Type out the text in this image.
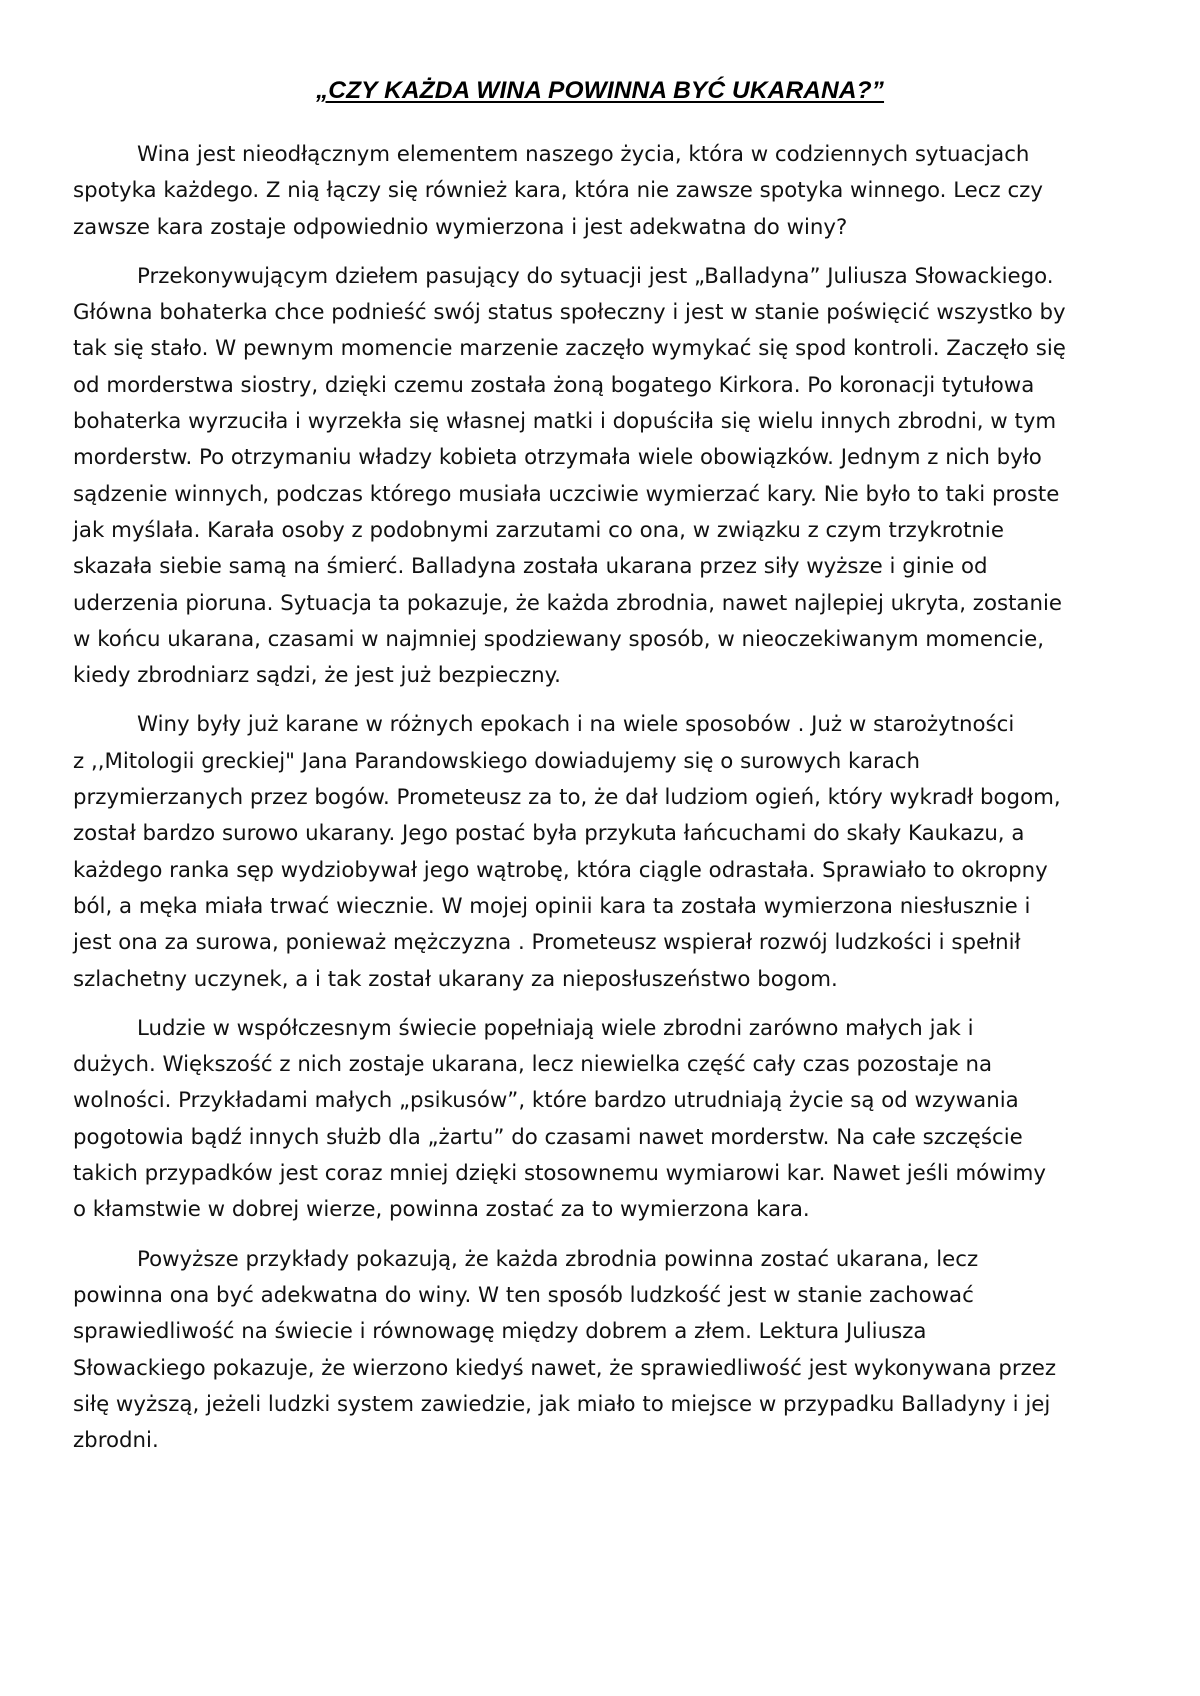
„CZY KAŻDA WINA POWINNA BYĆ UKARANA?”

Wina jest nieodłącznym elementem naszego życia, która w codziennych sytuacjach
spotyka każdego. Z nią łączy się również kara, która nie zawsze spotyka winnego. Lecz czy
zawsze kara zostaje odpowiednio wymierzona i jest adekwatna do winy?

Przekonywującym dziełem pasujący do sytuacji jest „Balladyna” Juliusza Słowackiego.
Główna bohaterka chce podnieść swój status społeczny i jest w stanie poświęcić wszystko by
tak się stało. W pewnym momencie marzenie zaczęło wymykać się spod kontroli. Zaczęło się
od morderstwa siostry, dzięki czemu została żoną bogatego Kirkora. Po koronacji tytułowa
bohaterka wyrzuciła i wyrzekła się własnej matki i dopuściła się wielu innych zbrodni, w tym
morderstw. Po otrzymaniu władzy kobieta otrzymała wiele obowiązków. Jednym z nich było
sądzenie winnych, podczas którego musiała uczciwie wymierzać kary. Nie było to taki proste
jak myślała. Karała osoby z podobnymi zarzutami co ona, w związku z czym trzykrotnie
skazała siebie samą na śmierć. Balladyna została ukarana przez siły wyższe i ginie od
uderzenia pioruna. Sytuacja ta pokazuje, że każda zbrodnia, nawet najlepiej ukryta, zostanie
w końcu ukarana, czasami w najmniej spodziewany sposób, w nieoczekiwanym momencie,
kiedy zbrodniarz sądzi, że jest już bezpieczny.

Winy były już karane w różnych epokach i na wiele sposobów . Już w starożytności
z ,,Mitologii greckiej" Jana Parandowskiego dowiadujemy się o surowych karach
przymierzanych przez bogów. Prometeusz za to, że dał ludziom ogień, który wykradł bogom,
został bardzo surowo ukarany. Jego postać była przykuta łańcuchami do skały Kaukazu, a
każdego ranka sęp wydziobywał jego wątrobę, która ciągle odrastała. Sprawiało to okropny
ból, a męka miała trwać wiecznie. W mojej opinii kara ta została wymierzona niesłusznie i
jest ona za surowa, ponieważ mężczyzna . Prometeusz wspierał rozwój ludzkości i spełnił
szlachetny uczynek, a i tak został ukarany za nieposłuszeństwo bogom.

Ludzie w współczesnym świecie popełniają wiele zbrodni zarówno małych jak i
dużych. Większość z nich zostaje ukarana, lecz niewielka część cały czas pozostaje na
wolności. Przykładami małych „psikusów”, które bardzo utrudniają życie są od wzywania
pogotowia bądź innych służb dla „żartu” do czasami nawet morderstw. Na całe szczęście
takich przypadków jest coraz mniej dzięki stosownemu wymiarowi kar. Nawet jeśli mówimy
o kłamstwie w dobrej wierze, powinna zostać za to wymierzona kara.

Powyższe przykłady pokazują, że każda zbrodnia powinna zostać ukarana, lecz
powinna ona być adekwatna do winy. W ten sposób ludzkość jest w stanie zachować
sprawiedliwość na świecie i równowagę między dobrem a złem. Lektura Juliusza
Słowackiego pokazuje, że wierzono kiedyś nawet, że sprawiedliwość jest wykonywana przez
siłę wyższą, jeżeli ludzki system zawiedzie, jak miało to miejsce w przypadku Balladyny i jej
zbrodni.
